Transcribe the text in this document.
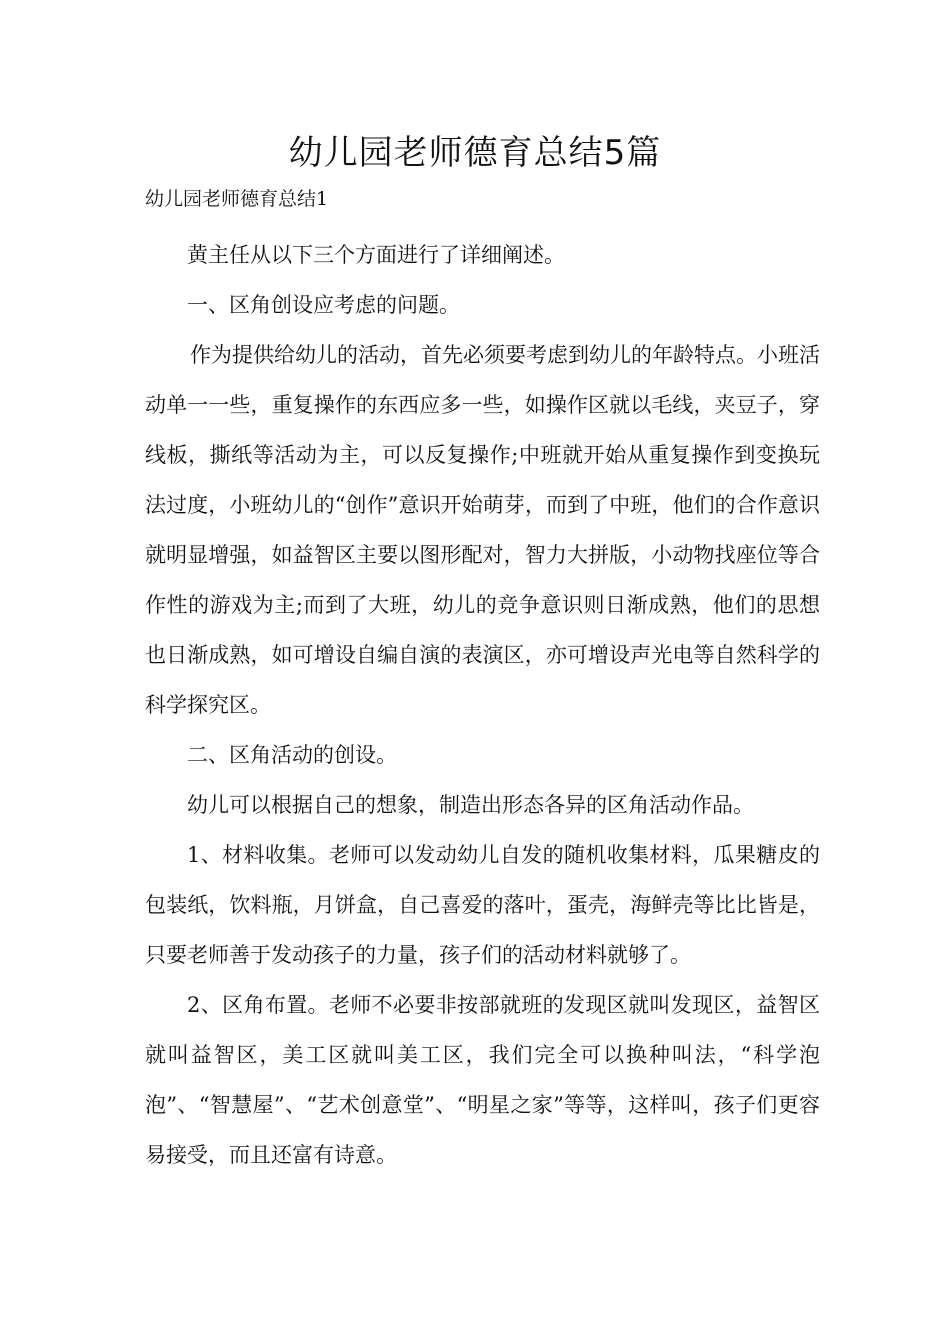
幼儿园老师德育总结5篇
幼儿园老师德育总结1

黄主任从以下三个方面进行了详细阐述。

一、区角创设应考虑的问题。

作为提供给幼儿的活动，首先必须要考虑到幼儿的年龄特点。小班活动单一一些，重复操作的东西应多一些，如操作区就以毛线，夹豆子，穿线板，撕纸等活动为主，可以反复操作;中班就开始从重复操作到变换玩法过度，小班幼儿的“创作”意识开始萌芽，而到了中班，他们的合作意识就明显增强，如益智区主要以图形配对，智力大拼版，小动物找座位等合作性的游戏为主;而到了大班，幼儿的竞争意识则日渐成熟，他们的思想也日渐成熟，如可增设自编自演的表演区，亦可增设声光电等自然科学的科学探究区。

二、区角活动的创设。

幼儿可以根据自己的想象，制造出形态各异的区角活动作品。

1、材料收集。老师可以发动幼儿自发的随机收集材料，瓜果糖皮的包装纸，饮料瓶，月饼盒，自己喜爱的落叶，蛋壳，海鲜壳等比比皆是，只要老师善于发动孩子的力量，孩子们的活动材料就够了。

2、区角布置。老师不必要非按部就班的发现区就叫发现区，益智区就叫益智区，美工区就叫美工区，我们完全可以换种叫法，“科学泡泡”、“智慧屋”、“艺术创意堂”、“明星之家”等等，这样叫，孩子们更容易接受，而且还富有诗意。
